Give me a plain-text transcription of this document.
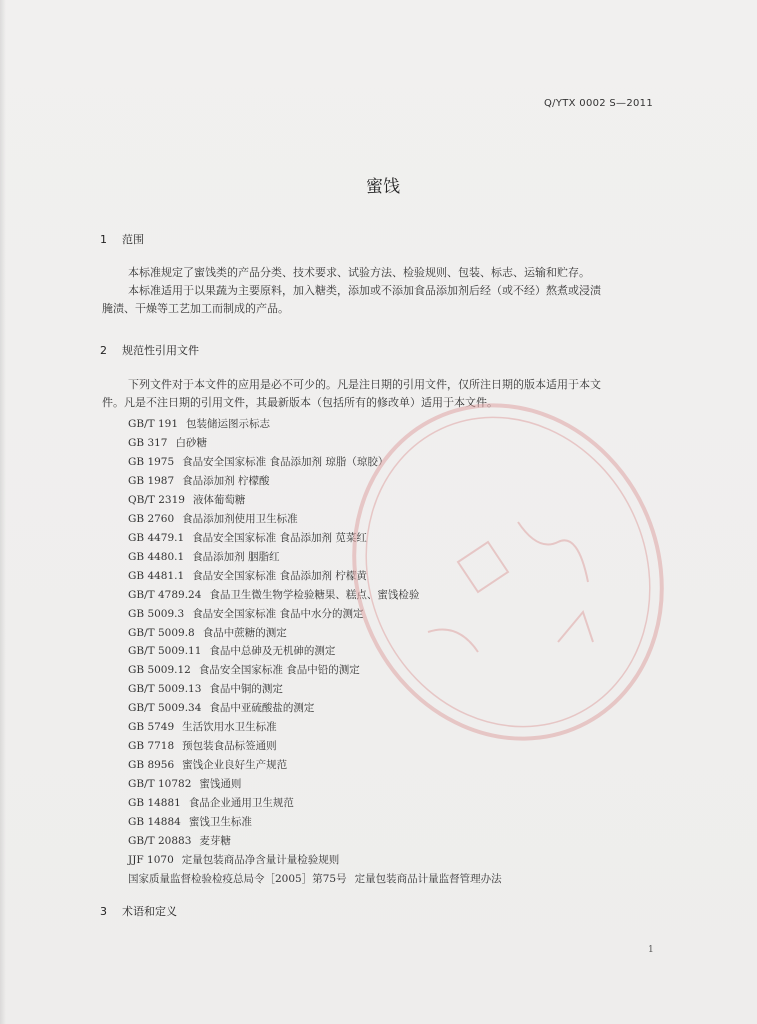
Q/YTX 0002 S—2011
蜜饯
1 范围
本标准规定了蜜饯类的产品分类、技术要求、试验方法、检验规则、包装、标志、运输和贮存。
本标准适用于以果蔬为主要原料，加入糖类，添加或不添加食品添加剂后经（或不经）熬煮或浸渍
腌渍、干燥等工艺加工而制成的产品。
2 规范性引用文件
下列文件对于本文件的应用是必不可少的。凡是注日期的引用文件，仅所注日期的版本适用于本文
件。凡是不注日期的引用文件，其最新版本（包括所有的修改单）适用于本文件。
GB/T 191 包装储运图示标志
GB 317 白砂糖
GB 1975 食品安全国家标准 食品添加剂 琼脂（琼胶）
GB 1987 食品添加剂 柠檬酸
QB/T 2319 液体葡萄糖
GB 2760 食品添加剂使用卫生标准
GB 4479.1 食品安全国家标准 食品添加剂 苋菜红
GB 4480.1 食品添加剂 胭脂红
GB 4481.1 食品安全国家标准 食品添加剂 柠檬黄
GB/T 4789.24 食品卫生微生物学检验糖果、糕点、蜜饯检验
GB 5009.3 食品安全国家标准 食品中水分的测定
GB/T 5009.8 食品中蔗糖的测定
GB/T 5009.11 食品中总砷及无机砷的测定
GB 5009.12 食品安全国家标准 食品中铅的测定
GB/T 5009.13 食品中铜的测定
GB/T 5009.34 食品中亚硫酸盐的测定
GB 5749 生活饮用水卫生标准
GB 7718 预包装食品标签通则
GB 8956 蜜饯企业良好生产规范
GB/T 10782 蜜饯通则
GB 14881 食品企业通用卫生规范
GB 14884 蜜饯卫生标准
GB/T 20883 麦芽糖
JJF 1070 定量包装商品净含量计量检验规则
国家质量监督检验检疫总局令［2005］第75号 定量包装商品计量监督管理办法
3 术语和定义
1
